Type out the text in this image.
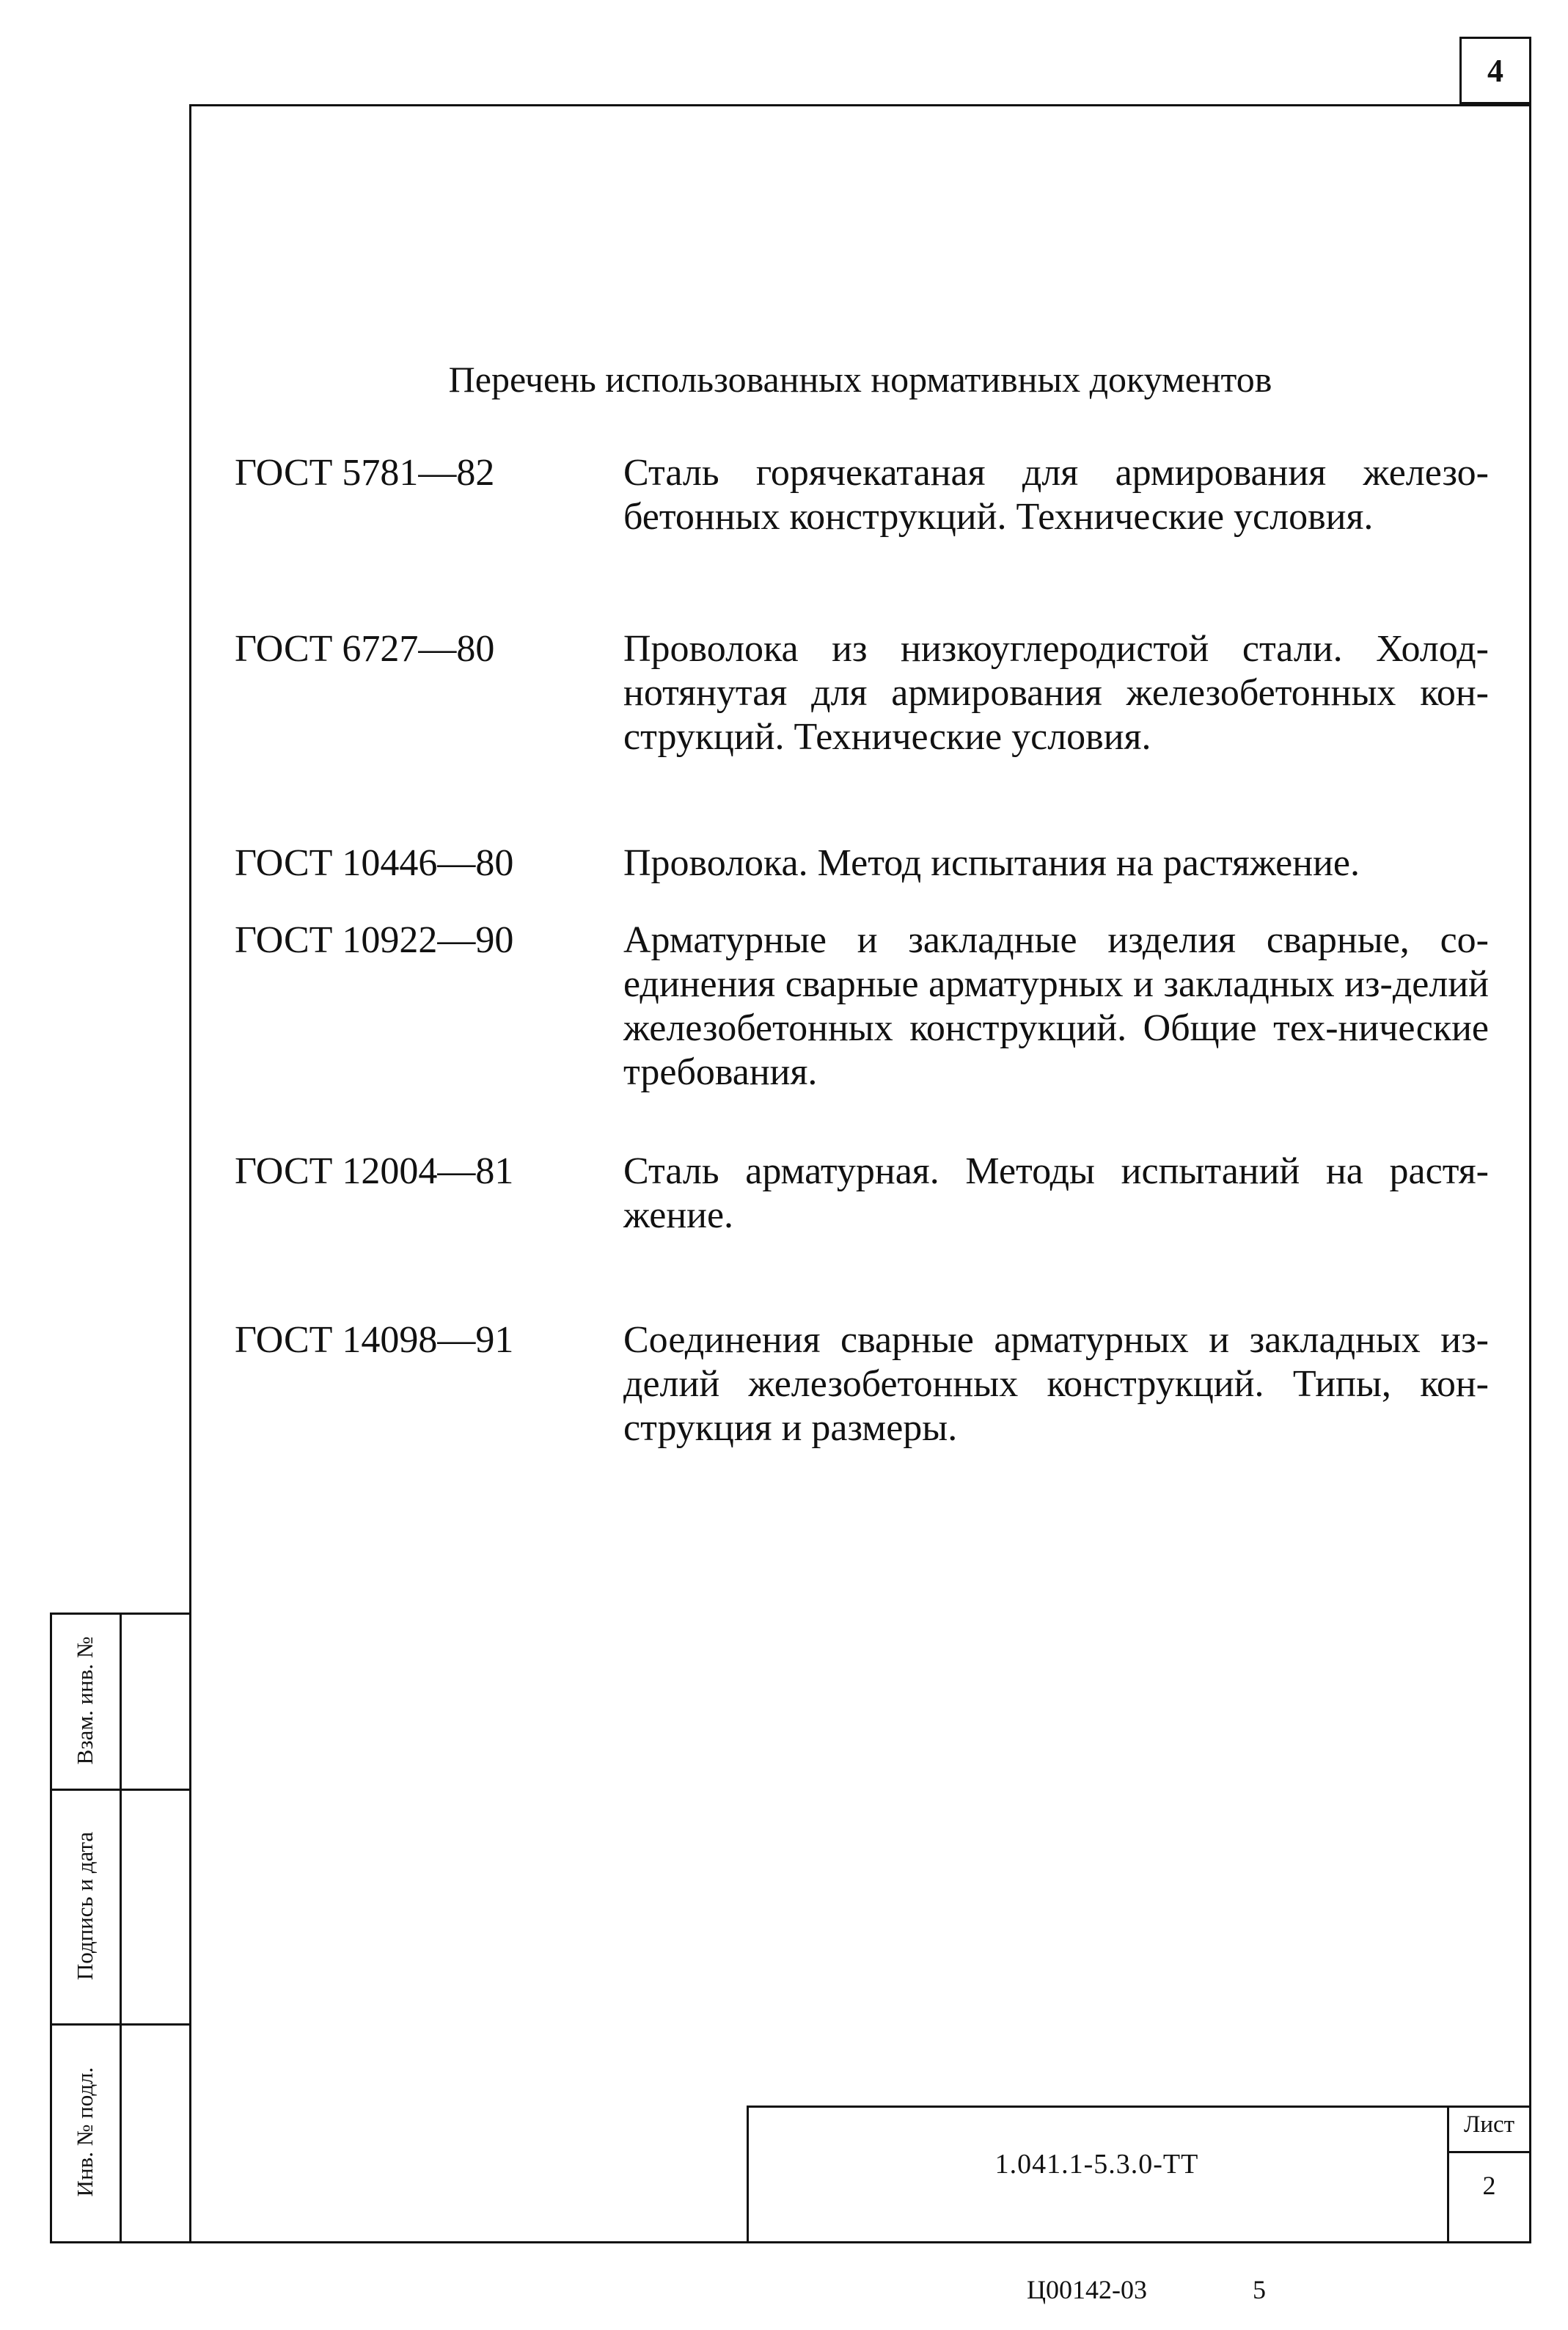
4
Перечень использованных нормативных документов
ГОСТ 5781—82	Сталь горячекатаная для армирования железо-бетонных конструкций. Технические условия.
ГОСТ 6727—80	Проволока из низкоуглеродистой стали. Холод-нотянутая для армирования железобетонных кон-струкций. Технические условия.
ГОСТ 10446—80	Проволока. Метод испытания на растяжение.
ГОСТ 10922—90	Арматурные и закладные изделия сварные, со-единения сварные арматурных и закладных из-делий железобетонных конструкций. Общие тех-нические требования.
ГОСТ 12004—81	Сталь арматурная. Методы испытаний на растя-жение.
ГОСТ 14098—91	Соединения сварные арматурных и закладных из-делий железобетонных конструкций. Типы, кон-струкция и размеры.
Взам. инв. №
Подпись и дата
Инв. № подл.	1.041.1-5.3.0-ТТ
Лист
2
Ц00142-03	5
